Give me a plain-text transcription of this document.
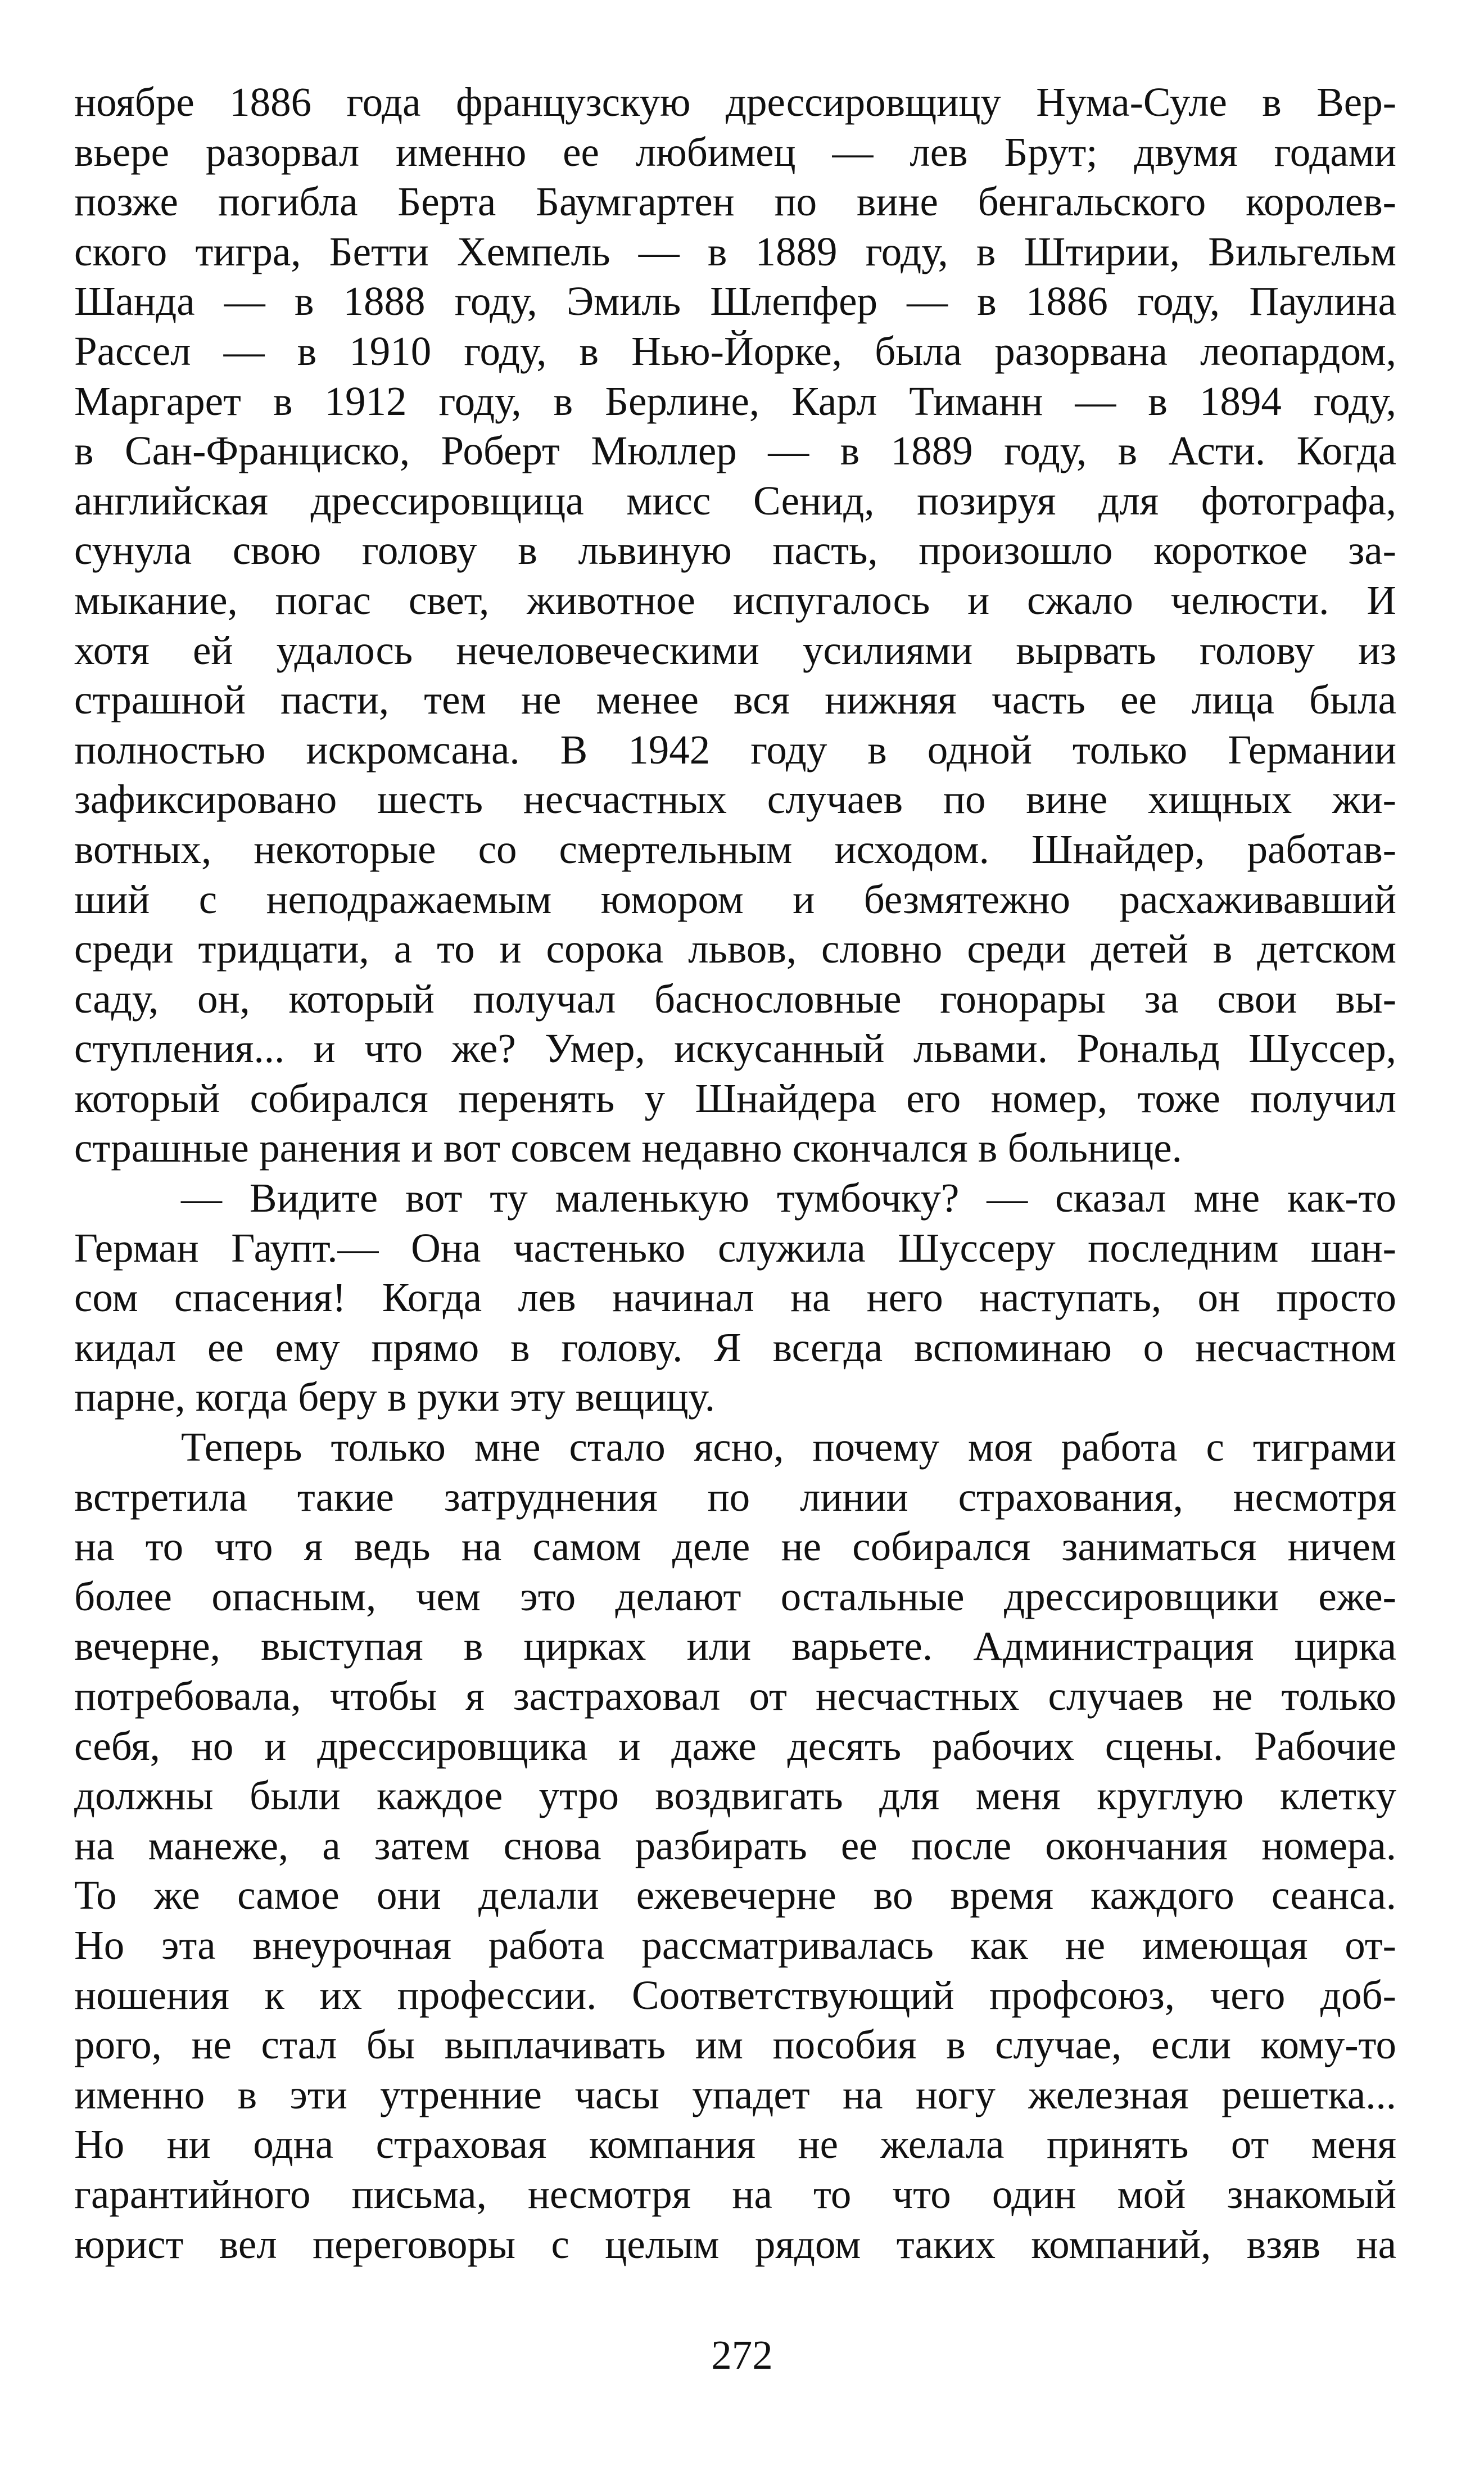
ноябре 1886 года французскую дрессировщицу Нума-Суле в Вер-
вьере разорвал именно ее любимец — лев Брут; двумя годами
позже погибла Берта Баумгартен по вине бенгальского королев-
ского тигра, Бетти Хемпель — в 1889 году, в Штирии, Вильгельм
Шанда — в 1888 году, Эмиль Шлепфер — в 1886 году, Паулина
Рассел — в 1910 году, в Нью-Йорке, была разорвана леопардом,
Маргарет в 1912 году, в Берлине, Карл Тиманн — в 1894 году,
в Сан-Франциско, Роберт Мюллер — в 1889 году, в Асти. Когда
английская дрессировщица мисс Сенид, позируя для фотографа,
сунула свою голову в львиную пасть, произошло короткое за-
мыкание, погас свет, животное испугалось и сжало челюсти. И
хотя ей удалось нечеловеческими усилиями вырвать голову из
страшной пасти, тем не менее вся нижняя часть ее лица была
полностью искромсана. В 1942 году в одной только Германии
зафиксировано шесть несчастных случаев по вине хищных жи-
вотных, некоторые со смертельным исходом. Шнайдер, работав-
ший с неподражаемым юмором и безмятежно расхаживавший
среди тридцати, а то и сорока львов, словно среди детей в детском
саду, он, который получал баснословные гонорары за свои вы-
ступления... и что же? Умер, искусанный львами. Рональд Шуссер,
который собирался перенять у Шнайдера его номер, тоже получил
страшные ранения и вот совсем недавно скончался в больнице.

— Видите вот ту маленькую тумбочку? — сказал мне как-то
Герман Гаупт.— Она частенько служила Шуссеру последним шан-
сом спасения! Когда лев начинал на него наступать, он просто
кидал ее ему прямо в голову. Я всегда вспоминаю о несчастном
парне, когда беру в руки эту вещицу.

Теперь только мне стало ясно, почему моя работа с тиграми
встретила такие затруднения по линии страхования, несмотря
на то что я ведь на самом деле не собирался заниматься ничем
более опасным, чем это делают остальные дрессировщики еже-
вечерне, выступая в цирках или варьете. Администрация цирка
потребовала, чтобы я застраховал от несчастных случаев не только
себя, но и дрессировщика и даже десять рабочих сцены. Рабочие
должны были каждое утро воздвигать для меня круглую клетку
на манеже, а затем снова разбирать ее после окончания номера.
То же самое они делали ежевечерне во время каждого сеанса.
Но эта внеурочная работа рассматривалась как не имеющая от-
ношения к их профессии. Соответствующий профсоюз, чего доб-
рого, не стал бы выплачивать им пособия в случае, если кому-то
именно в эти утренние часы упадет на ногу железная решетка...
Но ни одна страховая компания не желала принять от меня
гарантийного письма, несмотря на то что один мой знакомый
юрист вел переговоры с целым рядом таких компаний, взяв на

272
